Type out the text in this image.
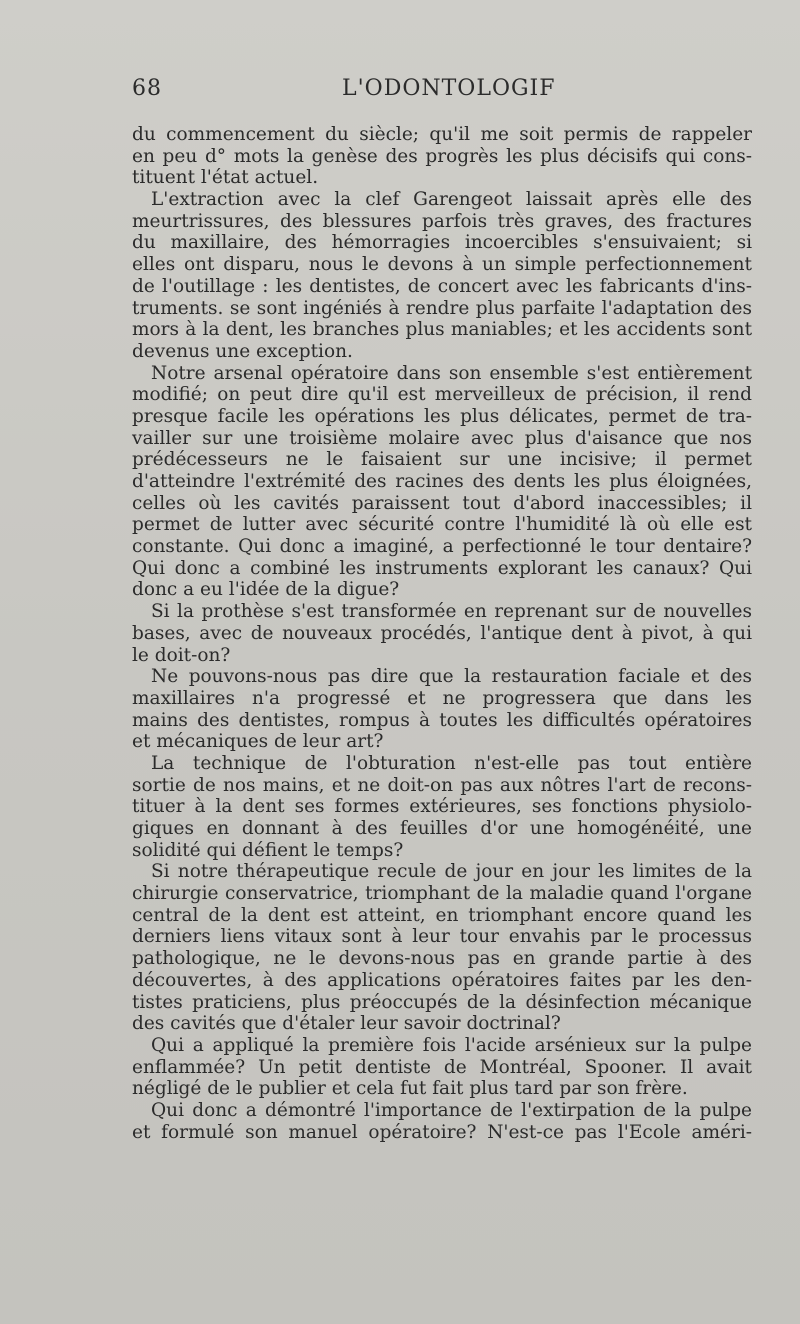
68	L'ODONTOLOGIF
du commencement du siècle; qu'il me soit permis de rappeler
en peu d° mots la genèse des progrès les plus décisifs qui cons-
tituent l'état actuel.
L'extraction avec la clef Garengeot laissait après elle des
meurtrissures, des blessures parfois très graves, des fractures
du maxillaire, des hémorragies incoercibles s'ensuivaient; si
elles ont disparu, nous le devons à un simple perfectionnement
de l'outillage : les dentistes, de concert avec les fabricants d'ins-
truments. se sont ingéniés à rendre plus parfaite l'adaptation des
mors à la dent, les branches plus maniables; et les accidents sont
devenus une exception.
Notre arsenal opératoire dans son ensemble s'est entièrement
modifié; on peut dire qu'il est merveilleux de précision, il rend
presque facile les opérations les plus délicates, permet de tra-
vailler sur une troisième molaire avec plus d'aisance que nos
prédécesseurs ne le faisaient sur une incisive; il permet
d'atteindre l'extrémité des racines des dents les plus éloignées,
celles où les cavités paraissent tout d'abord inaccessibles; il
permet de lutter avec sécurité contre l'humidité là où elle est
constante. Qui donc a imaginé, a perfectionné le tour dentaire?
Qui donc a combiné les instruments explorant les canaux? Qui
donc a eu l'idée de la digue?
Si la prothèse s'est transformée en reprenant sur de nouvelles
bases, avec de nouveaux procédés, l'antique dent à pivot, à qui
le doit-on?
Ne pouvons-nous pas dire que la restauration faciale et des
maxillaires n'a progressé et ne progressera que dans les
mains des dentistes, rompus à toutes les difficultés opératoires
et mécaniques de leur art?
La technique de l'obturation n'est-elle pas tout entière
sortie de nos mains, et ne doit-on pas aux nôtres l'art de recons-
tituer à la dent ses formes extérieures, ses fonctions physiolo-
giques en donnant à des feuilles d'or une homogénéité, une
solidité qui défient le temps?
Si notre thérapeutique recule de jour en jour les limites de la
chirurgie conservatrice, triomphant de la maladie quand l'organe
central de la dent est atteint, en triomphant encore quand les
derniers liens vitaux sont à leur tour envahis par le processus
pathologique, ne le devons-nous pas en grande partie à des
découvertes, à des applications opératoires faites par les den-
tistes praticiens, plus préoccupés de la désinfection mécanique
des cavités que d'étaler leur savoir doctrinal?
Qui a appliqué la première fois l'acide arsénieux sur la pulpe
enflammée? Un petit dentiste de Montréal, Spooner. Il avait
négligé de le publier et cela fut fait plus tard par son frère.
Qui donc a démontré l'importance de l'extirpation de la pulpe
et formulé son manuel opératoire? N'est-ce pas l'Ecole améri-
